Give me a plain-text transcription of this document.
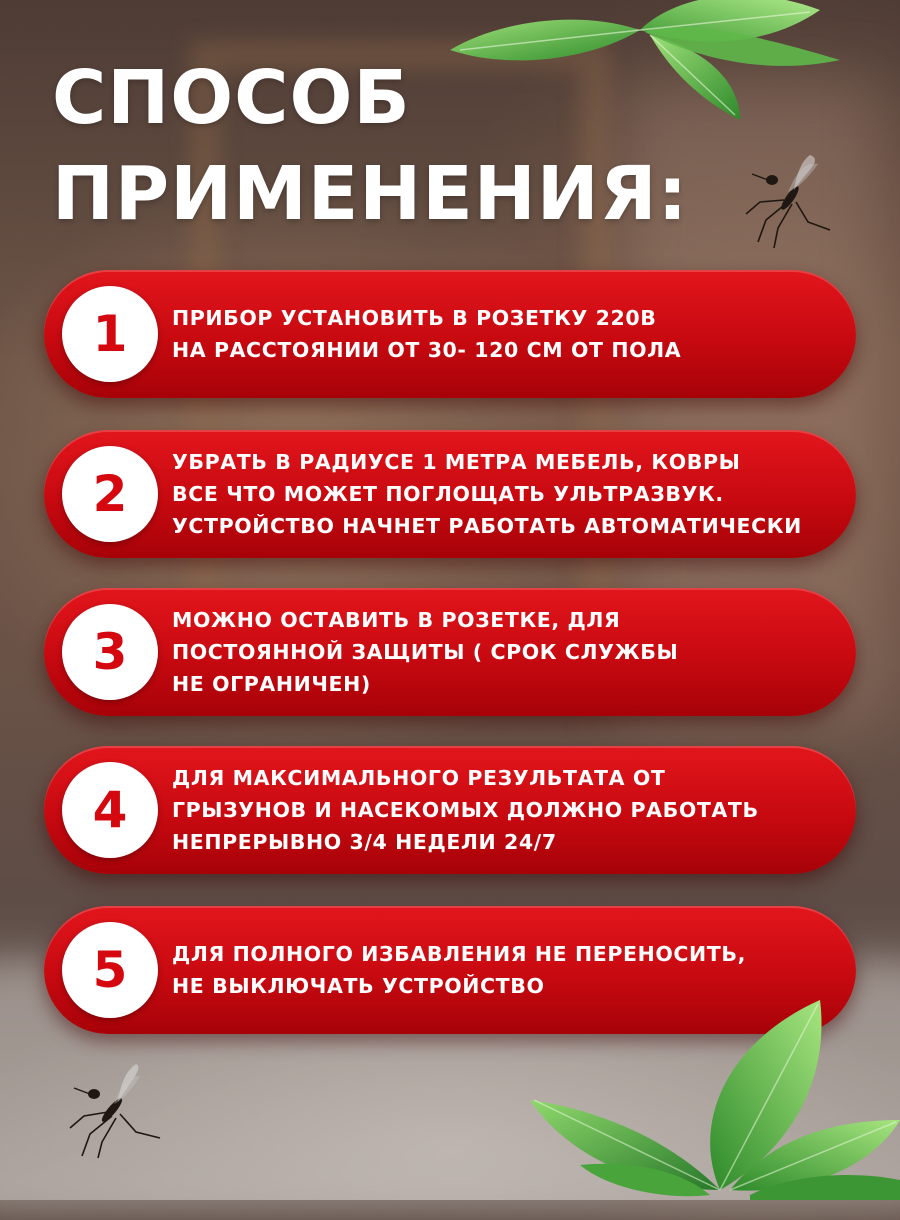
СПОСОБ
ПРИМЕНЕНИЯ:
1	ПРИБОР УСТАНОВИТЬ В РОЗЕТКУ 220В
НА РАССТОЯНИИ ОТ 30- 120 СМ ОТ ПОЛА
2
УБРАТЬ В РАДИУСЕ 1 МЕТРА МЕБЕЛЬ, КОВРЫ
ВСЕ ЧТО МОЖЕТ ПОГЛОЩАТЬ УЛЬТРАЗВУК.
УСТРОЙСТВО НАЧНЕТ РАБОТАТЬ АВТОМАТИЧЕСКИ
3
МОЖНО ОСТАВИТЬ В РОЗЕТКЕ, ДЛЯ
ПОСТОЯННОЙ ЗАЩИТЫ ( СРОК СЛУЖБЫ
НЕ ОГРАНИЧЕН)
4
ДЛЯ МАКСИМАЛЬНОГО РЕЗУЛЬТАТА ОТ
ГРЫЗУНОВ И НАСЕКОМЫХ ДОЛЖНО РАБОТАТЬ
НЕПРЕРЫВНО 3/4 НЕДЕЛИ 24/7
5	ДЛЯ ПОЛНОГО ИЗБАВЛЕНИЯ НЕ ПЕРЕНОСИТЬ,
НЕ ВЫКЛЮЧАТЬ УСТРОЙСТВО
